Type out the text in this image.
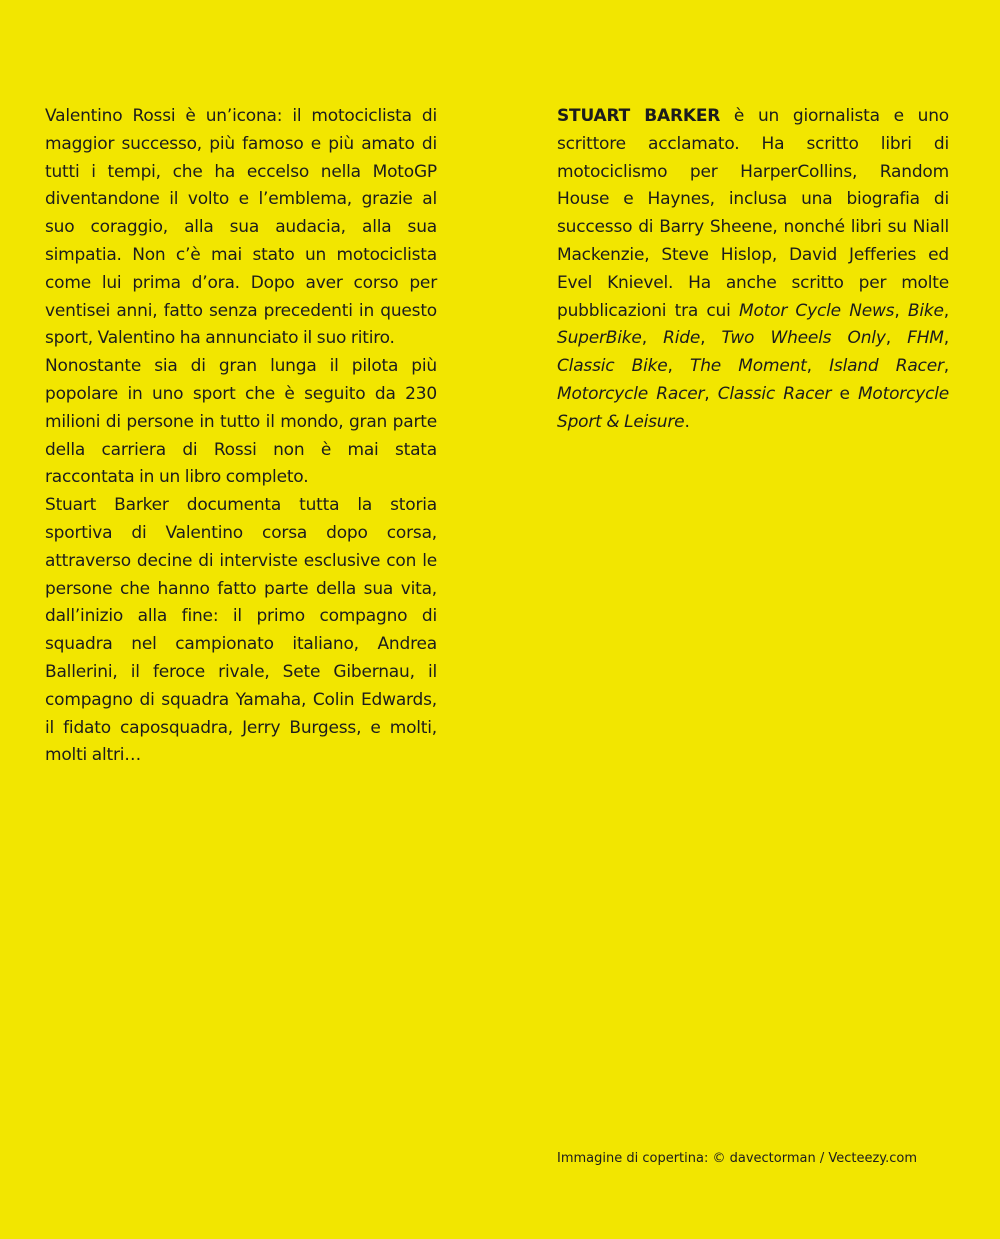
Valentino Rossi è un’icona: il motociclista di maggior successo, più famoso e più amato di tutti i tempi, che ha eccelso nella MotoGP diventandone il volto e l’emblema, grazie al suo coraggio, alla sua audacia, alla sua simpatia. Non c’è mai stato un motociclista come lui prima d’ora. Dopo aver corso per ventisei anni, fatto senza precedenti in questo sport, Valentino ha annunciato il suo ritiro.

Nonostante sia di gran lunga il pilota più popolare in uno sport che è seguito da 230 milioni di persone in tutto il mondo, gran parte della carriera di Rossi non è mai stata raccontata in un libro completo.

Stuart Barker documenta tutta la storia sportiva di Valentino corsa dopo corsa, attraverso decine di interviste esclusive con le persone che hanno fatto parte della sua vita, dall’inizio alla fine: il primo compagno di squadra nel campionato italiano, Andrea Ballerini, il feroce rivale, Sete Gibernau, il compagno di squadra Yamaha, Colin Edwards, il fidato caposquadra, Jerry Burgess, e molti, molti altri…

STUART BARKER è un giornalista e uno scrittore acclamato. Ha scritto libri di motociclismo per HarperCollins, Random House e Haynes, inclusa una biografia di successo di Barry Sheene, nonché libri su Niall Mackenzie, Steve Hislop, David Jefferies ed Evel Knievel. Ha anche scritto per molte pubblicazioni tra cui Motor Cycle News, Bike, SuperBike, Ride, Two Wheels Only, FHM, Classic Bike, The Moment, Island Racer, Motorcycle Racer, Classic Racer e Motorcycle Sport & Leisure.

Immagine di copertina: © davectorman / Vecteezy.com
